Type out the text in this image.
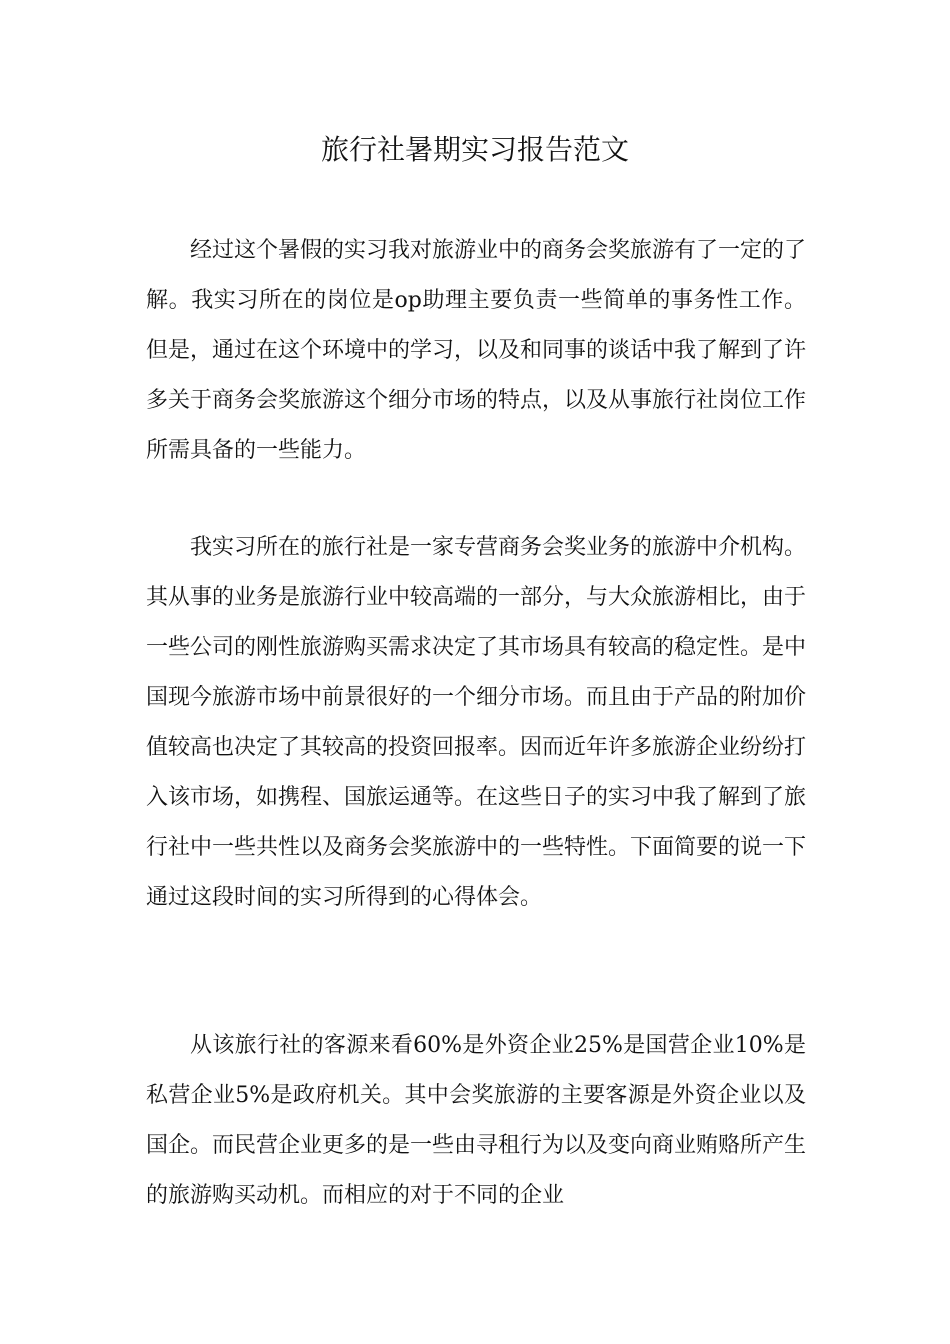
旅行社暑期实习报告范文

经过这个暑假的实习我对旅游业中的商务会奖旅游有了一定的了解。我实习所在的岗位是op助理主要负责一些简单的事务性工作。但是，通过在这个环境中的学习，以及和同事的谈话中我了解到了许多关于商务会奖旅游这个细分市场的特点，以及从事旅行社岗位工作所需具备的一些能力。

我实习所在的旅行社是一家专营商务会奖业务的旅游中介机构。其从事的业务是旅游行业中较高端的一部分，与大众旅游相比，由于一些公司的刚性旅游购买需求决定了其市场具有较高的稳定性。是中国现今旅游市场中前景很好的一个细分市场。而且由于产品的附加价值较高也决定了其较高的投资回报率。因而近年许多旅游企业纷纷打入该市场，如携程、国旅运通等。在这些日子的实习中我了解到了旅行社中一些共性以及商务会奖旅游中的一些特性。下面简要的说一下通过这段时间的实习所得到的心得体会。

从该旅行社的客源来看60%是外资企业25%是国营企业10%是私营企业5%是政府机关。其中会奖旅游的主要客源是外资企业以及国企。而民营企业更多的是一些由寻租行为以及变向商业贿赂所产生的旅游购买动机。而相应的对于不同的企业
